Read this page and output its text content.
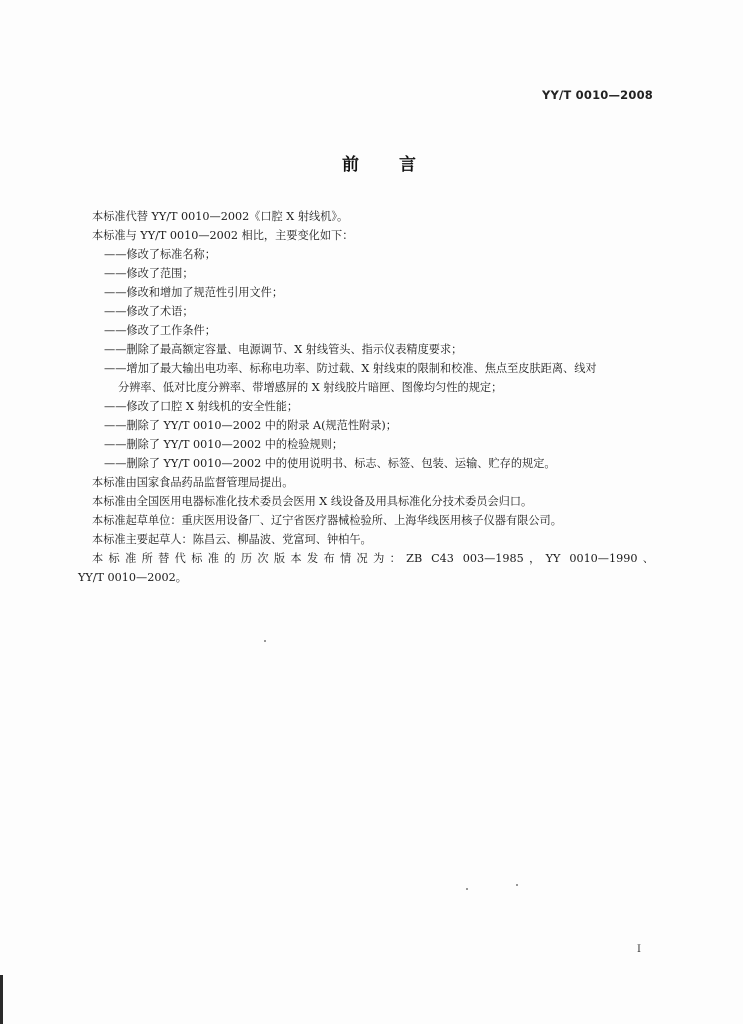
YY/T 0010—2008
前言
本标准代替 YY/T 0010—2002《口腔 X 射线机》。
本标准与 YY/T 0010—2002 相比，主要变化如下：
——修改了标准名称；
——修改了范围；
——修改和增加了规范性引用文件；
——修改了术语；
——修改了工作条件；
——删除了最高额定容量、电源调节、X 射线管头、指示仪表精度要求；
——增加了最大输出电功率、标称电功率、防过载、X 射线束的限制和校准、焦点至皮肤距离、线对
分辨率、低对比度分辨率、带增感屏的 X 射线胶片暗匣、图像均匀性的规定；
——修改了口腔 X 射线机的安全性能；
——删除了 YY/T 0010—2002 中的附录 A(规范性附录)；
——删除了 YY/T 0010—2002 中的检验规则；
——删除了 YY/T 0010—2002 中的使用说明书、标志、标签、包装、运输、贮存的规定。
本标准由国家食品药品监督管理局提出。
本标准由全国医用电器标准化技术委员会医用 X 线设备及用具标准化分技术委员会归口。
本标准起草单位：重庆医用设备厂、辽宁省医疗器械检验所、上海华线医用核子仪器有限公司。
本标准主要起草人：陈昌云、柳晶波、党富珂、钟柏午。
本标准所替代标准的历次版本发布情况为：ZB C43 003—1985，YY 0010—1990、
YY/T 0010—2002。
I
